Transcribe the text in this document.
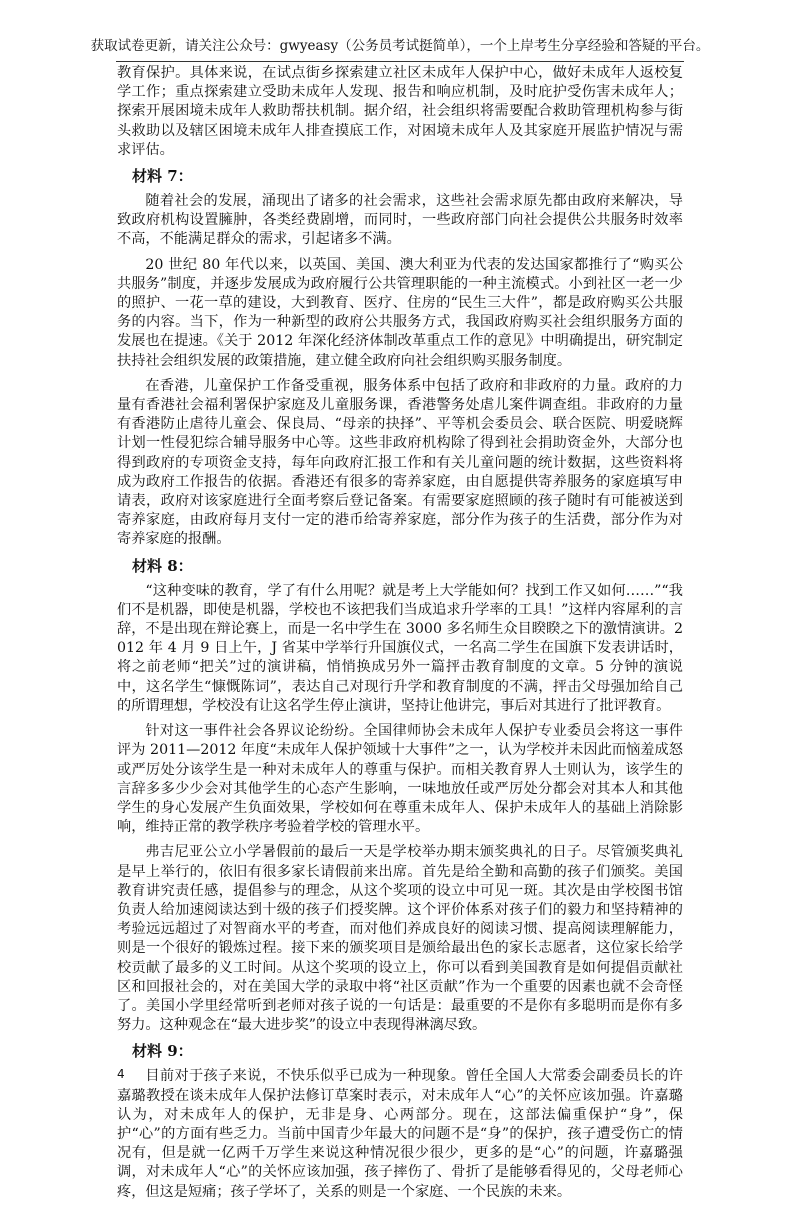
获取试卷更新，请关注公众号：gwyeasy（公务员考试挺简单），一个上岸考生分享经验和答疑的平台。

教育保护。具体来说，在试点街乡探索建立社区未成年人保护中心，做好未成年人返校复学工作；重点探索建立受助未成年人发现、报告和响应机制，及时庇护受伤害未成年人；探索开展困境未成年人救助帮扶机制。据介绍，社会组织将需要配合救助管理机构参与街头救助以及辖区困境未成年人排查摸底工作，对困境未成年人及其家庭开展监护情况与需求评估。

材料 7：

随着社会的发展，涌现出了诸多的社会需求，这些社会需求原先都由政府来解决，导致政府机构设置臃肿，各类经费剧增，而同时，一些政府部门向社会提供公共服务时效率不高，不能满足群众的需求，引起诸多不满。

20 世纪 80 年代以来，以英国、美国、澳大利亚为代表的发达国家都推行了“购买公共服务”制度，并逐步发展成为政府履行公共管理职能的一种主流模式。小到社区一老一少的照护、一花一草的建设，大到教育、医疗、住房的“民生三大件”，都是政府购买公共服务的内容。当下，作为一种新型的政府公共服务方式，我国政府购买社会组织服务方面的发展也在提速。《关于 2012 年深化经济体制改革重点工作的意见》中明确提出，研究制定扶持社会组织发展的政策措施，建立健全政府向社会组织购买服务制度。

在香港，儿童保护工作备受重视，服务体系中包括了政府和非政府的力量。政府的力量有香港社会福利署保护家庭及儿童服务课，香港警务处虐儿案件调查组。非政府的力量有香港防止虐待儿童会、保良局、“母亲的抉择”、平等机会委员会、联合医院、明爱晓辉计划一性侵犯综合辅导服务中心等。这些非政府机构除了得到社会捐助资金外，大部分也得到政府的专项资金支持，每年向政府汇报工作和有关儿童问题的统计数据，这些资料将成为政府工作报告的依据。香港还有很多的寄养家庭，由自愿提供寄养服务的家庭填写申请表，政府对该家庭进行全面考察后登记备案。有需要家庭照顾的孩子随时有可能被送到寄养家庭，由政府每月支付一定的港币给寄养家庭，部分作为孩子的生活费，部分作为对寄养家庭的报酬。

材料 8：

“这种变味的教育，学了有什么用呢？就是考上大学能如何？找到工作又如何……”“我们不是机器，即使是机器，学校也不该把我们当成追求升学率的工具！”这样内容犀利的言辞，不是出现在辩论赛上，而是一名中学生在 3000 多名师生众目睽睽之下的激情演讲。2012 年 4 月 9 日上午，J 省某中学举行升国旗仪式，一名高二学生在国旗下发表讲话时，将之前老师“把关”过的演讲稿，悄悄换成另外一篇抨击教育制度的文章。5 分钟的演说中，这名学生“慷慨陈词”，表达自己对现行升学和教育制度的不满，抨击父母强加给自己的所谓理想，学校没有让这名学生停止演讲，坚持让他讲完，事后对其进行了批评教育。

针对这一事件社会各界议论纷纷。全国律师协会未成年人保护专业委员会将这一事件评为 2011—2012 年度“未成年人保护领域十大事件”之一，认为学校并未因此而恼羞成怒或严厉处分该学生是一种对未成年人的尊重与保护。而相关教育界人士则认为，该学生的言辞多多少少会对其他学生的心态产生影响，一味地放任或严厉处分都会对其本人和其他学生的身心发展产生负面效果，学校如何在尊重未成年人、保护未成年人的基础上消除影响，维持正常的教学秩序考验着学校的管理水平。

弗吉尼亚公立小学暑假前的最后一天是学校举办期末颁奖典礼的日子。尽管颁奖典礼是早上举行的，依旧有很多家长请假前来出席。首先是给全勤和高勤的孩子们颁奖。美国教育讲究责任感，提倡参与的理念，从这个奖项的设立中可见一斑。其次是由学校图书馆负责人给加速阅读达到十级的孩子们授奖牌。这个评价体系对孩子们的毅力和坚持精神的考验远远超过了对智商水平的考查，而对他们养成良好的阅读习惯、提高阅读理解能力，则是一个很好的锻炼过程。接下来的颁奖项目是颁给最出色的家长志愿者，这位家长给学校贡献了最多的义工时间。从这个奖项的设立上，你可以看到美国教育是如何提倡贡献社区和回报社会的，对在美国大学的录取中将“社区贡献”作为一个重要的因素也就不会奇怪了。美国小学里经常听到老师对孩子说的一句话是：最重要的不是你有多聪明而是你有多努力。这种观念在“最大进步奖”的设立中表现得淋漓尽致。

材料 9：

目前对于孩子来说，不快乐似乎已成为一种现象。曾任全国人大常委会副委员长的许嘉璐教授在谈未成年人保护法修订草案时表示，对未成年人“心”的关怀应该加强。许嘉璐认为，对未成年人的保护，无非是身、心两部分。现在，这部法偏重保护“身”，保护“心”的方面有些乏力。当前中国青少年最大的问题不是“身”的保护，孩子遭受伤亡的情况有，但是就一亿两千万学生来说这种情况很少很少，更多的是“心”的问题，许嘉璐强调，对未成年人“心”的关怀应该加强，孩子摔伤了、骨折了是能够看得见的，父母老师心疼，但这是短痛；孩子学坏了，关系的则是一个家庭、一个民族的未来。

4
